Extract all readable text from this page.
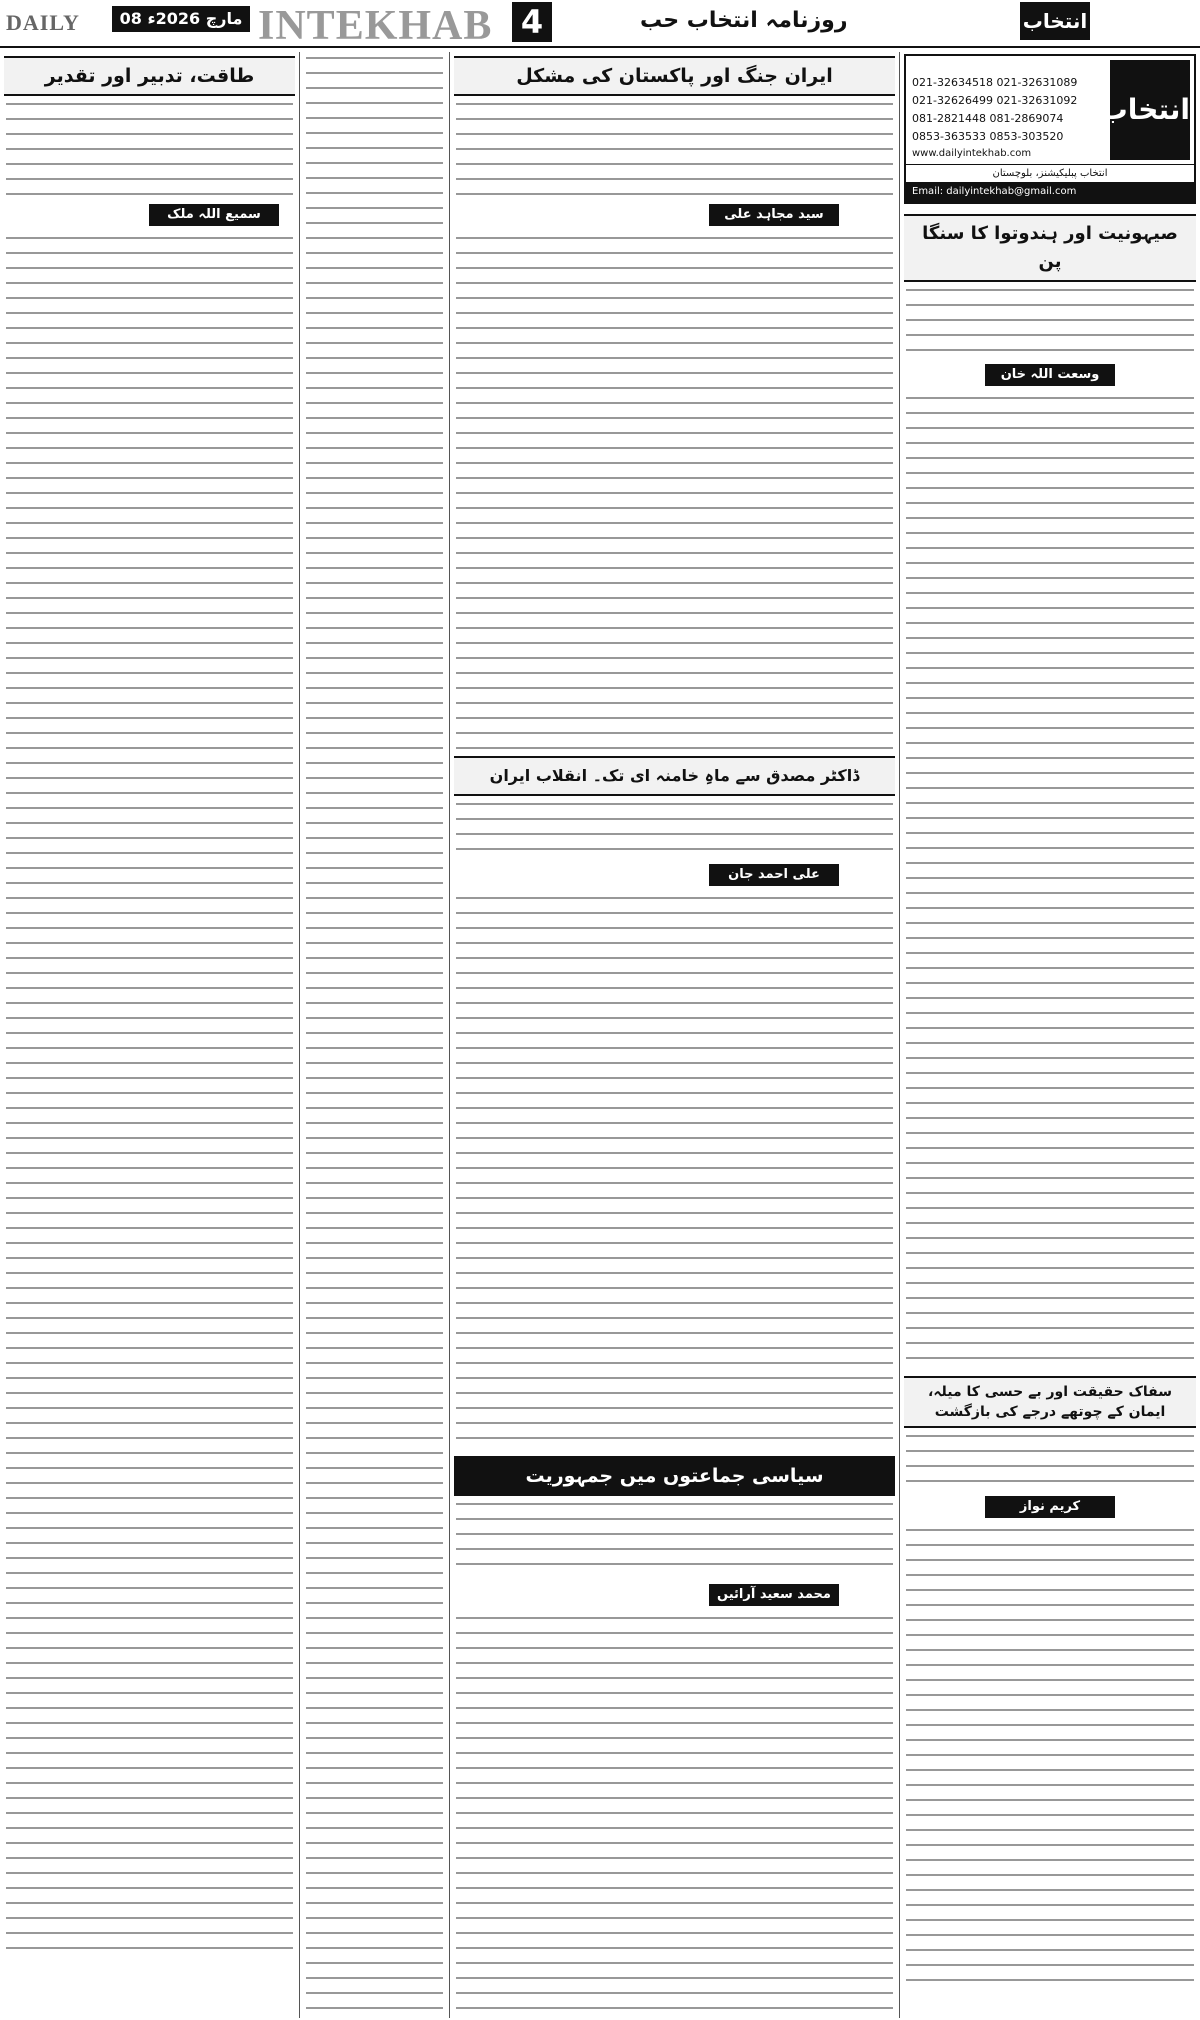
DAILY	08 مارچ 2026ء INTEKHAB 4	روزنامہ انتخاب حب	انتخاب
انتخاب
021-32634518 021-32631089
021-32626499 021-32631092
081-2821448 081-2869074
0853-363533 0853-303520
www.dailyintekhab.com
انتخاب پبلیکیشنز، بلوچستان
Email: dailyintekhab@gmail.com
صیہونیت اور ہندوتوا کا سنگا پن
وسعت اللہ خان
سفاک حقیقت اور بے حسی کا میلہ، ایمان کے چوتھے درجے کی بازگشت
کریم نواز
ایران جنگ اور پاکستان کی مشکل
سید مجاہد علی
ڈاکٹر مصدق سے ماہِ خامنہ ای تک۔ انقلاب ایران
علی احمد جان
سیاسی جماعتوں میں جمہوریت
محمد سعید آرائیں
طاقت، تدبیر اور تقدیر
سمیع اللہ ملک
